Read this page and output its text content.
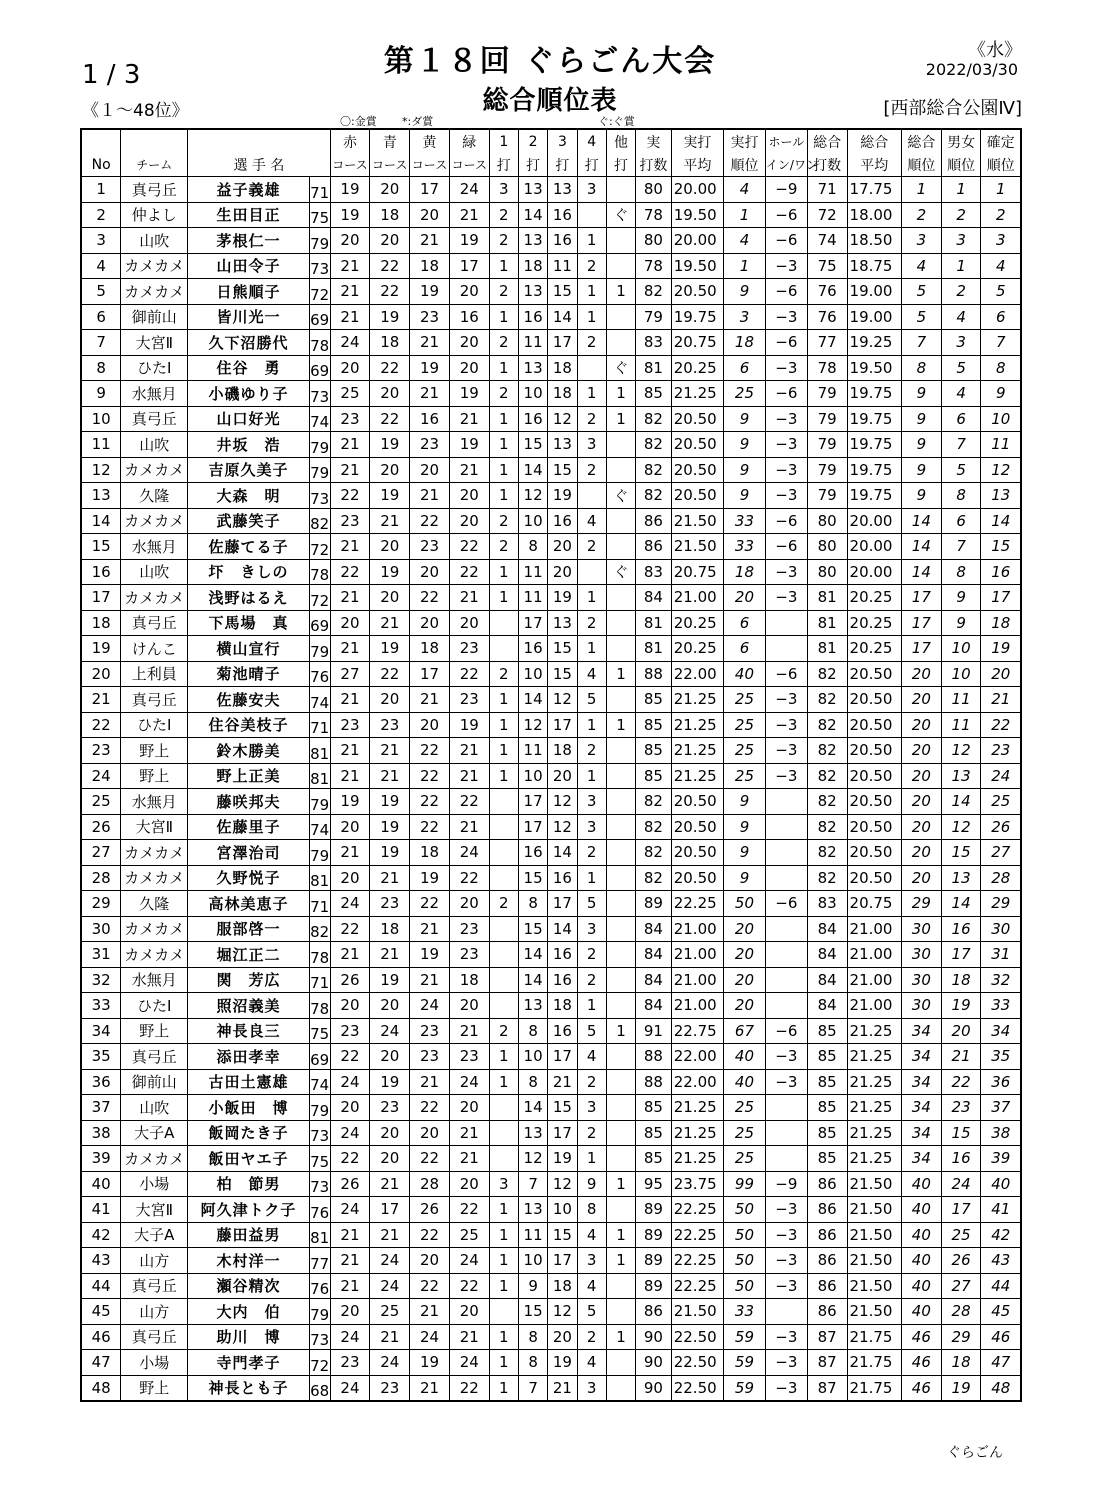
第１８回 ぐらごん大会
総合順位表
1 / 3
《１～48位》
《水》
2022/03/30
[西部総合公園Ⅳ]
〇:金賞 *:ダ賞	ぐ:ぐ賞
				赤	青	黄	緑	1	2	3	4	他	実	実打	実打	ホール	総合	総合	総合	男女	確定
No	チーム	選 手 名		コース	コース	コース	コース	打	打	打	打	打	打数	平均	順位	イン/ワン	打数	平均	順位	順位	順位
1	真弓丘	益子義雄	71	19	20	17	24	3	13	13	3		80	20.00	4	−9	71	17.75	1	1	1
2	仲よし	生田目正	75	19	18	20	21	2	14	16		ぐ	78	19.50	1	−6	72	18.00	2	2	2
3	山吹	茅根仁一	79	20	20	21	19	2	13	16	1		80	20.00	4	−6	74	18.50	3	3	3
4	カメカメ	山田令子	73	21	22	18	17	1	18	11	2		78	19.50	1	−3	75	18.75	4	1	4
5	カメカメ	日熊順子	72	21	22	19	20	2	13	15	1	1	82	20.50	9	−6	76	19.00	5	2	5
6	御前山	皆川光一	69	21	19	23	16	1	16	14	1		79	19.75	3	−3	76	19.00	5	4	6
7	大宮Ⅱ	久下沼勝代	78	24	18	21	20	2	11	17	2		83	20.75	18	−6	77	19.25	7	3	7
8	ひたⅠ	住谷　勇	69	20	22	19	20	1	13	18		ぐ	81	20.25	6	−3	78	19.50	8	5	8
9	水無月	小磯ゆり子	73	25	20	21	19	2	10	18	1	1	85	21.25	25	−6	79	19.75	9	4	9
10	真弓丘	山口好光	74	23	22	16	21	1	16	12	2	1	82	20.50	9	−3	79	19.75	9	6	10
11	山吹	井坂　浩	79	21	19	23	19	1	15	13	3		82	20.50	9	−3	79	19.75	9	7	11
12	カメカメ	吉原久美子	79	21	20	20	21	1	14	15	2		82	20.50	9	−3	79	19.75	9	5	12
13	久隆	大森　明	73	22	19	21	20	1	12	19		ぐ	82	20.50	9	−3	79	19.75	9	8	13
14	カメカメ	武藤笑子	82	23	21	22	20	2	10	16	4		86	21.50	33	−6	80	20.00	14	6	14
15	水無月	佐藤てる子	72	21	20	23	22	2	8	20	2		86	21.50	33	−6	80	20.00	14	7	15
16	山吹	圷　きしの	78	22	19	20	22	1	11	20		ぐ	83	20.75	18	−3	80	20.00	14	8	16
17	カメカメ	浅野はるえ	72	21	20	22	21	1	11	19	1		84	21.00	20	−3	81	20.25	17	9	17
18	真弓丘	下馬場　真	69	20	21	20	20		17	13	2		81	20.25	6		81	20.25	17	9	18
19	けんこ	横山宣行	79	21	19	18	23		16	15	1		81	20.25	6		81	20.25	17	10	19
20	上利員	菊池晴子	76	27	22	17	22	2	10	15	4	1	88	22.00	40	−6	82	20.50	20	10	20
21	真弓丘	佐藤安夫	74	21	20	21	23	1	14	12	5		85	21.25	25	−3	82	20.50	20	11	21
22	ひたⅠ	住谷美枝子	71	23	23	20	19	1	12	17	1	1	85	21.25	25	−3	82	20.50	20	11	22
23	野上	鈴木勝美	81	21	21	22	21	1	11	18	2		85	21.25	25	−3	82	20.50	20	12	23
24	野上	野上正美	81	21	21	22	21	1	10	20	1		85	21.25	25	−3	82	20.50	20	13	24
25	水無月	藤咲邦夫	79	19	19	22	22		17	12	3		82	20.50	9		82	20.50	20	14	25
26	大宮Ⅱ	佐藤里子	74	20	19	22	21		17	12	3		82	20.50	9		82	20.50	20	12	26
27	カメカメ	宮澤治司	79	21	19	18	24		16	14	2		82	20.50	9		82	20.50	20	15	27
28	カメカメ	久野悦子	81	20	21	19	22		15	16	1		82	20.50	9		82	20.50	20	13	28
29	久隆	高林美恵子	71	24	23	22	20	2	8	17	5		89	22.25	50	−6	83	20.75	29	14	29
30	カメカメ	服部啓一	82	22	18	21	23		15	14	3		84	21.00	20		84	21.00	30	16	30
31	カメカメ	堀江正二	78	21	21	19	23		14	16	2		84	21.00	20		84	21.00	30	17	31
32	水無月	関　芳広	71	26	19	21	18		14	16	2		84	21.00	20		84	21.00	30	18	32
33	ひたⅠ	照沼義美	78	20	20	24	20		13	18	1		84	21.00	20		84	21.00	30	19	33
34	野上	神長良三	75	23	24	23	21	2	8	16	5	1	91	22.75	67	−6	85	21.25	34	20	34
35	真弓丘	添田孝幸	69	22	20	23	23	1	10	17	4		88	22.00	40	−3	85	21.25	34	21	35
36	御前山	古田土憲雄	74	24	19	21	24	1	8	21	2		88	22.00	40	−3	85	21.25	34	22	36
37	山吹	小飯田　博	79	20	23	22	20		14	15	3		85	21.25	25		85	21.25	34	23	37
38	大子A	飯岡たき子	73	24	20	20	21		13	17	2		85	21.25	25		85	21.25	34	15	38
39	カメカメ	飯田ヤエ子	75	22	20	22	21		12	19	1		85	21.25	25		85	21.25	34	16	39
40	小場	柏　節男	73	26	21	28	20	3	7	12	9	1	95	23.75	99	−9	86	21.50	40	24	40
41	大宮Ⅱ	阿久津トク子	76	24	17	26	22	1	13	10	8		89	22.25	50	−3	86	21.50	40	17	41
42	大子A	藤田益男	81	21	21	22	25	1	11	15	4	1	89	22.25	50	−3	86	21.50	40	25	42
43	山方	木村洋一	77	21	24	20	24	1	10	17	3	1	89	22.25	50	−3	86	21.50	40	26	43
44	真弓丘	瀬谷精次	76	21	24	22	22	1	9	18	4		89	22.25	50	−3	86	21.50	40	27	44
45	山方	大内　伯	79	20	25	21	20		15	12	5		86	21.50	33		86	21.50	40	28	45
46	真弓丘	助川　博	73	24	21	24	21	1	8	20	2	1	90	22.50	59	−3	87	21.75	46	29	46
47	小場	寺門孝子	72	23	24	19	24	1	8	19	4		90	22.50	59	−3	87	21.75	46	18	47
48	野上	神長とも子	68	24	23	21	22	1	7	21	3		90	22.50	59	−3	87	21.75	46	19	48
ぐらごん
